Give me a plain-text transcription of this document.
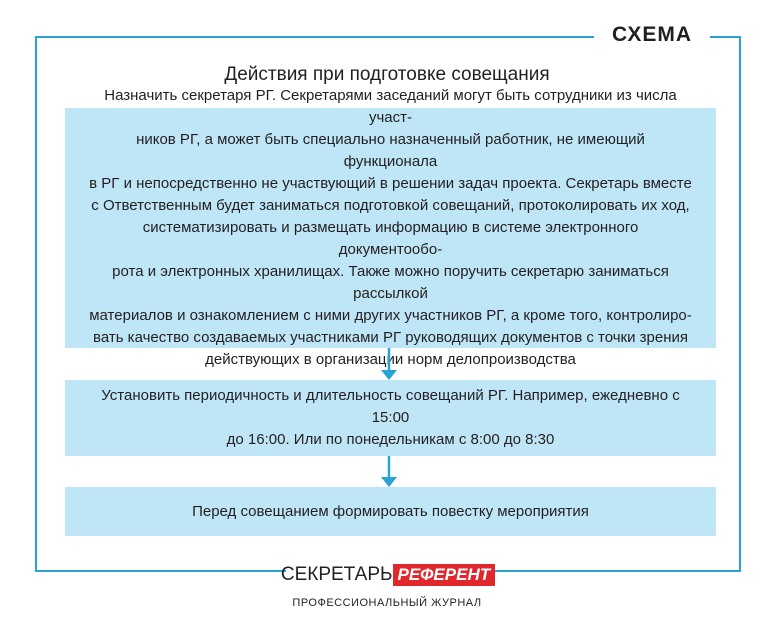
СХЕМА
Действия при подготовке совещания
Назначить секретаря РГ. Секретарями заседаний могут быть сотрудники из числа участ-
ников РГ, а может быть специально назначенный работник, не имеющий функционала
в РГ и непосредственно не участвующий в решении задач проекта. Секретарь вместе
с Ответственным будет заниматься подготовкой совещаний, протоколировать их ход,
систематизировать и размещать информацию в системе электронного документообо-
рота и электронных хранилищах. Также можно поручить секретарю заниматься рассылкой
материалов и ознакомлением с ними других участников РГ, а кроме того, контролиро-
вать качество создаваемых участниками РГ руководящих документов с точки зрения
действующих в организации норм делопроизводства
Установить периодичность и длительность совещаний РГ. Например, ежедневно с 15:00
до 16:00. Или по понедельникам с 8:00 до 8:30
Перед совещанием формировать повестку мероприятия
СЕКРЕТАРЬ РЕФЕРЕНТ
ПРОФЕССИОНАЛЬНЫЙ ЖУРНАЛ
